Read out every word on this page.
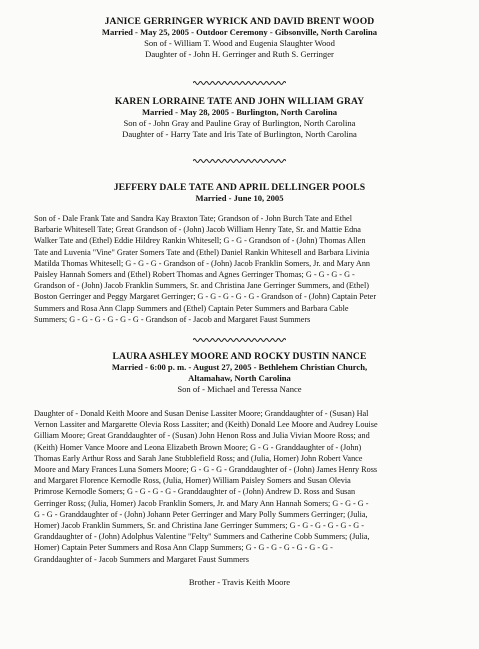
JANICE GERRINGER WYRICK AND DAVID BRENT WOOD
Married - May 25, 2005 - Outdoor Ceremony - Gibsonville, North Carolina
Son of - William T. Wood and Eugenia Slaughter Wood
Daughter of - John H. Gerringer and Ruth S. Gerringer
KAREN LORRAINE TATE AND JOHN WILLIAM GRAY
Married - May 28, 2005 - Burlington, North Carolina
Son of - John Gray and Pauline Gray of Burlington, North Carolina
Daughter of - Harry Tate and Iris Tate of Burlington, North Carolina
JEFFERY DALE TATE AND APRIL DELLINGER POOLS
Married - June 10, 2005

Son of - Dale Frank Tate and Sandra Kay Braxton Tate; Grandson of - John Burch Tate and Ethel
Barbarie Whitesell Tate; Great Grandson of - (John) Jacob William Henry Tate, Sr. and Mattie Edna
Walker Tate and (Ethel) Eddie Hildrey Rankin Whitesell; G - G - Grandson of - (John) Thomas Allen
Tate and Luvenia "Vine" Grater Somers Tate and (Ethel) Daniel Rankin Whitesell and Barbara Livinia
Matilda Thomas Whitesell; G - G - G - Grandson of - (John) Jacob Franklin Somers, Jr. and Mary Ann
Paisley Hannah Somers and (Ethel) Robert Thomas and Agnes Gerringer Thomas; G - G - G - G -
Grandson of - (John) Jacob Franklin Summers, Sr. and Christina Jane Gerringer Summers, and (Ethel)
Boston Gerringer and Peggy Margaret Gerringer; G - G - G - G - G - Grandson of - (John) Captain Peter
Summers and Rosa Ann Clapp Summers and (Ethel) Captain Peter Summers and Barbara Cable
Summers; G - G - G - G - G - G - Grandson of - Jacob and Margaret Faust Summers

LAURA ASHLEY MOORE AND ROCKY DUSTIN NANCE
Married - 6:00 p. m. - August 27, 2005 - Bethlehem Christian Church,
Altamahaw, North Carolina
Son of - Michael and Teressa Nance

Daughter of - Donald Keith Moore and Susan Denise Lassiter Moore; Granddaughter of - (Susan) Hal
Vernon Lassiter and Margarette Olevia Ross Lassiter; and (Keith) Donald Lee Moore and Audrey Louise
Gilliam Moore; Great Granddaughter of - (Susan) John Henon Ross and Julia Vivian Moore Ross; and
(Keith) Homer Vance Moore and Leona Elizabeth Brown Moore; G - G - Granddaughter of - (John)
Thomas Early Arthur Ross and Sarah Jane Stubblefield Ross; and (Julia, Homer) John Robert Vance
Moore and Mary Frances Luna Somers Moore; G - G - G - Granddaughter of - (John) James Henry Ross
and Margaret Florence Kernodle Ross, (Julia, Homer) William Paisley Somers and Susan Olevia
Primrose Kernodle Somers; G - G - G - G - Granddaughter of - (John) Andrew D. Ross and Susan
Gerringer Ross; (Julia, Homer) Jacob Franklin Somers, Jr. and Mary Ann Hannah Somers; G - G - G -
G - G - Granddaughter of - (John) Johann Peter Gerringer and Mary Polly Summers Gerringer; (Julia,
Homer) Jacob Franklin Summers, Sr. and Christina Jane Gerringer Summers; G - G - G - G - G - G -
Granddaughter of - (John) Adolphus Valentine "Felty" Summers and Catherine Cobb Summers; (Julia,
Homer) Captain Peter Summers and Rosa Ann Clapp Summers; G - G - G - G - G - G - G -
Granddaughter of - Jacob Summers and Margaret Faust Summers

Brother - Travis Keith Moore
